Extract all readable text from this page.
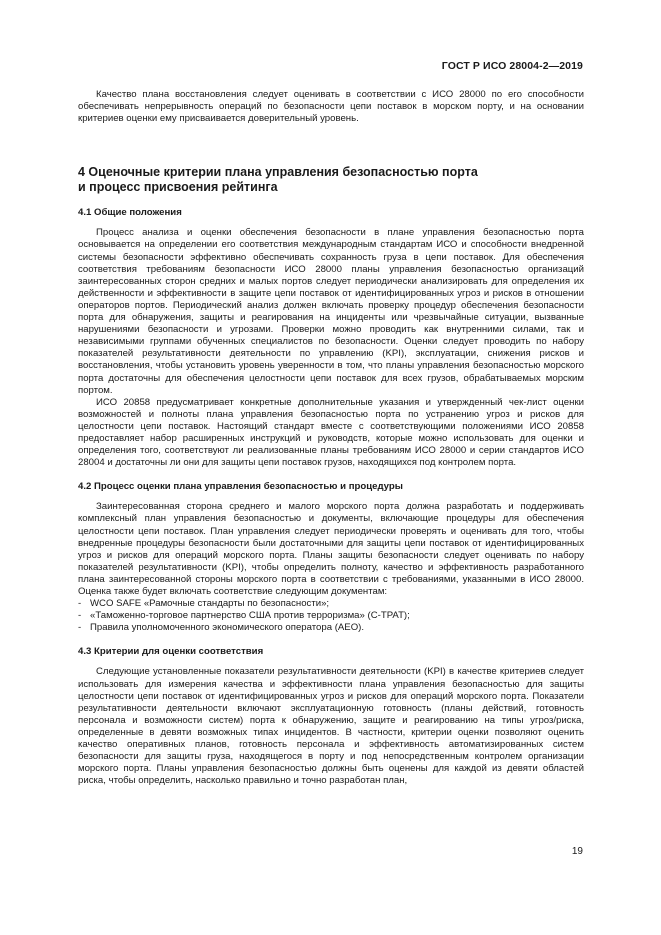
ГОСТ Р ИСО 28004-2—2019

Качество плана восстановления следует оценивать в соответствии с ИСО 28000 по его способности обеспечивать непрерывность операций по безопасности цепи поставок в морском порту, и на основании критериев оценки ему присваивается доверительный уровень.

4 Оценочные критерии плана управления безопасностью порта
и процесс присвоения рейтинга
4.1 Общие положения

Процесс анализа и оценки обеспечения безопасности в плане управления безопасностью порта основывается на определении его соответствия международным стандартам ИСО и способности внедренной системы безопасности эффективно обеспечивать сохранность груза в цепи поставок. Для обеспечения соответствия требованиям безопасности ИСО 28000 планы управления безопасностью организаций заинтересованных сторон средних и малых портов следует периодически анализировать для определения их действенности и эффективности в защите цепи поставок от идентифицированных угроз и рисков в отношении операторов портов. Периодический анализ должен включать проверку процедур обеспечения безопасности порта для обнаружения, защиты и реагирования на инциденты или чрезвычайные ситуации, вызванные нарушениями безопасности и угрозами. Проверки можно проводить как внутренними силами, так и независимыми группами обученных специалистов по безопасности. Оценки следует проводить по набору показателей результативности деятельности по управлению (KPI), эксплуатации, снижения рисков и восстановления, чтобы установить уровень уверенности в том, что планы управления безопасностью морского порта достаточны для обеспечения целостности цепи поставок для всех грузов, обрабатываемых морским портом.

ИСО 20858 предусматривает конкретные дополнительные указания и утвержденный чек-лист оценки возможностей и полноты плана управления безопасностью порта по устранению угроз и рисков для целостности цепи поставок. Настоящий стандарт вместе с соответствующими положениями ИСО 20858 предоставляет набор расширенных инструкций и руководств, которые можно использовать для оценки и определения того, соответствуют ли реализованные планы требованиям ИСО 28000 и серии стандартов ИСО 28004 и достаточны ли они для защиты цепи поставок грузов, находящихся под контролем порта.

4.2 Процесс оценки плана управления безопасностью и процедуры

Заинтересованная сторона среднего и малого морского порта должна разработать и поддерживать комплексный план управления безопасностью и документы, включающие процедуры для обеспечения целостности цепи поставок. План управления следует периодически проверять и оценивать для того, чтобы внедренные процедуры безопасности были достаточными для защиты цепи поставок от идентифицированных угроз и рисков для операций морского порта. Планы защиты безопасности следует оценивать по набору показателей результативности (KPI), чтобы определить полноту, качество и эффективность разработанного плана заинтересованной стороны морского порта в соответствии с требованиями, указанными в ИСО 28000. Оценка также будет включать соответствие следующим документам:

- WCO SAFE «Рамочные стандарты по безопасности»;
- «Таможенно-торговое партнерство США против терроризма» (C-TPAT);
- Правила уполномоченного экономического оператора (AEO).
4.3 Критерии для оценки соответствия

Следующие установленные показатели результативности деятельности (KPI) в качестве критериев следует использовать для измерения качества и эффективности плана управления безопасностью для защиты целостности цепи поставок от идентифицированных угроз и рисков для операций морского порта. Показатели результативности деятельности включают эксплуатационную готовность (планы действий, готовность персонала и возможности систем) порта к обнаружению, защите и реагированию на типы угроз/риска, определенные в девяти возможных типах инцидентов. В частности, критерии оценки позволяют оценить качество оперативных планов, готовность персонала и эффективность автоматизированных систем безопасности для защиты груза, находящегося в порту и под непосредственным контролем организации морского порта. Планы управления безопасностью должны быть оценены для каждой из девяти областей риска, чтобы определить, насколько правильно и точно разработан план,

19
